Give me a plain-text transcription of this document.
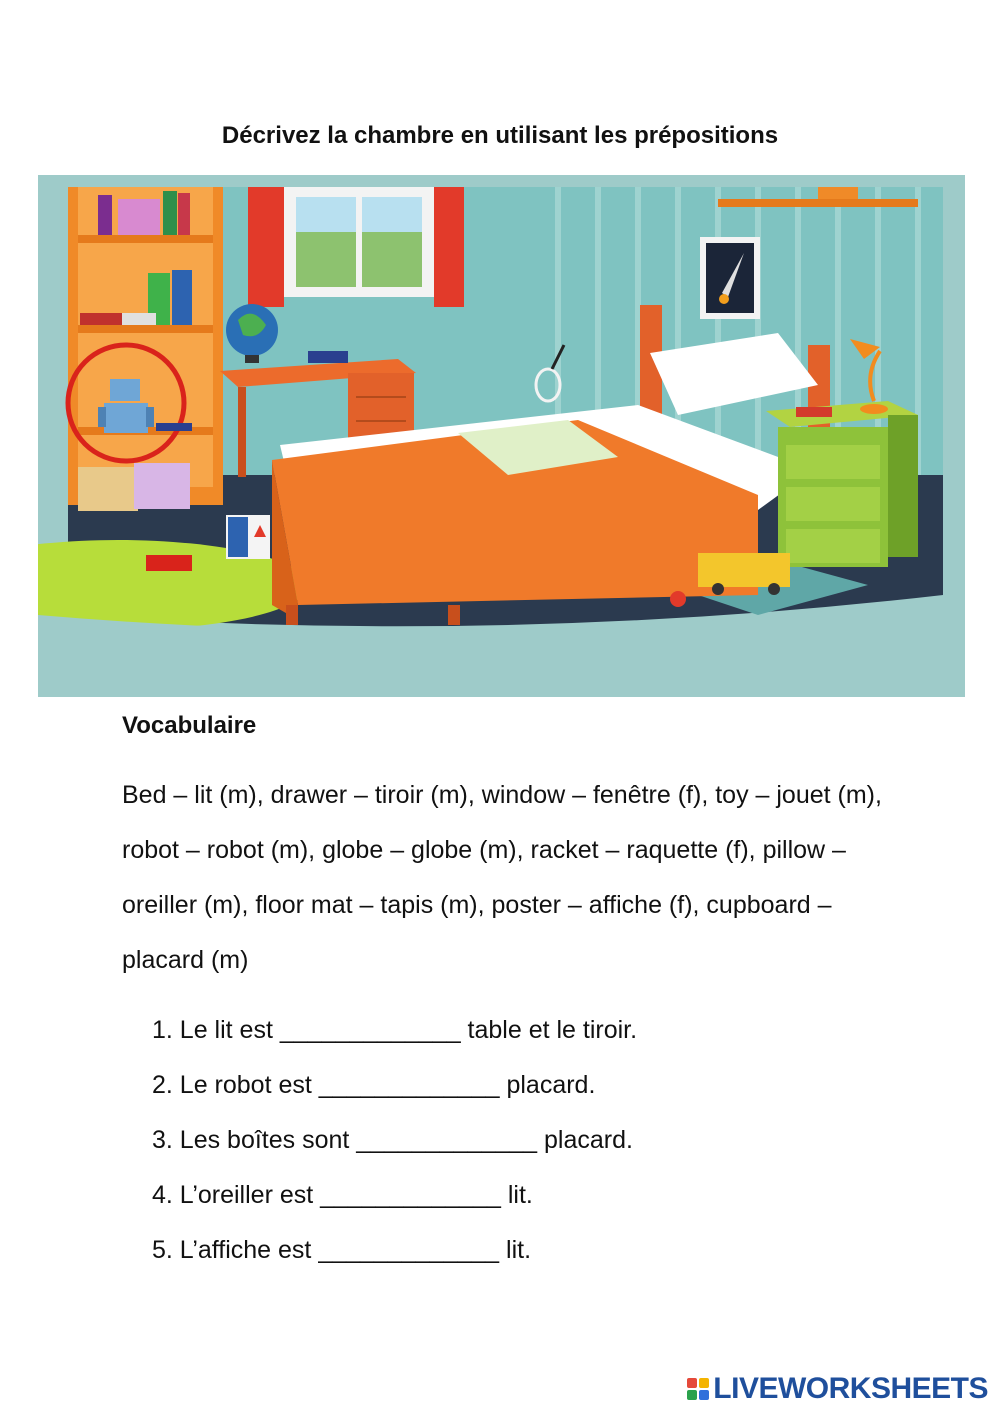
Décrivez la chambre en utilisant les prépositions
Vocabulaire
Bed – lit (m), drawer – tiroir (m), window – fenêtre (f), toy – jouet (m), robot – robot (m), globe – globe (m), racket – raquette (f), pillow – oreiller (m), floor mat – tapis (m), poster – affiche (f), cupboard – placard (m)
1. Le lit est _____________ table et le tiroir.
2. Le robot est _____________ placard.
3. Les boîtes sont _____________ placard.
4. L’oreiller est _____________ lit.
5. L’affiche est _____________ lit.
LIVEWORKSHEETS
